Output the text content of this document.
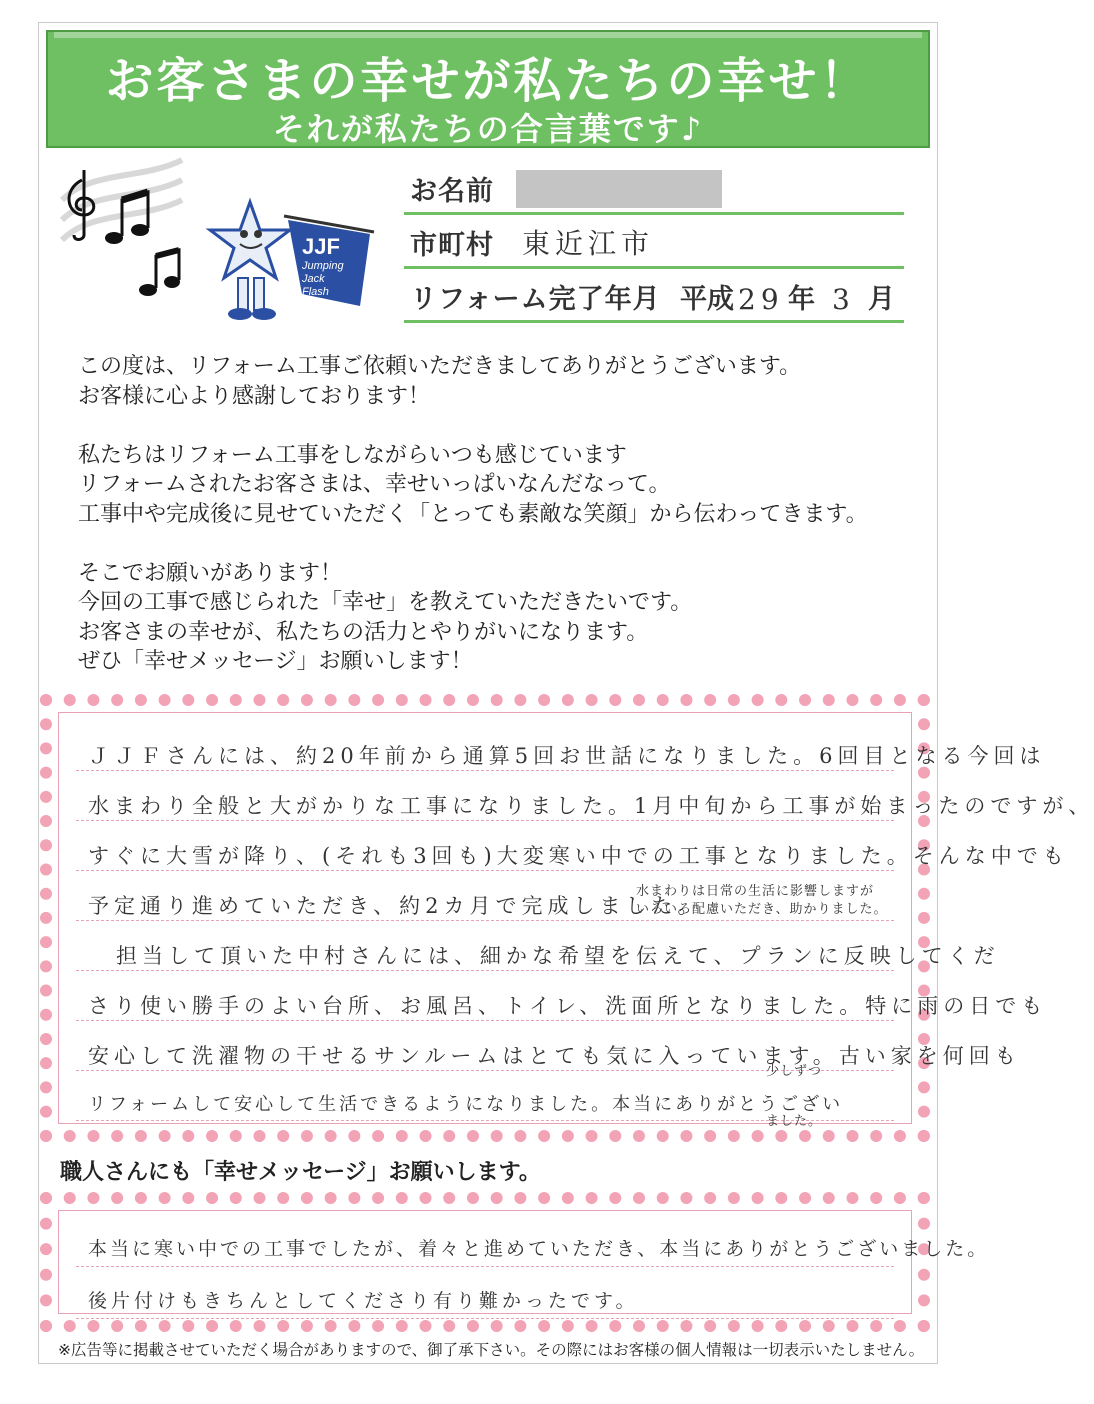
お客さまの幸せが私たちの幸せ！
それが私たちの合言葉です♪
JJF
Jumping
Jack
Flash
お名前
市町村 東近江市
リフォーム完了年月 平成 29 年 3 月

この度は、リフォーム工事ご依頼いただきましてありがとうございます。

お客様に心より感謝しております！

私たちはリフォーム工事をしながらいつも感じています

リフォームされたお客さまは、幸せいっぱいなんだなって。

工事中や完成後に見せていただく「とっても素敵な笑顔」から伝わってきます。

そこでお願いがあります！

今回の工事で感じられた「幸せ」を教えていただきたいです。

お客さまの幸せが、私たちの活力とやりがいになります。

ぜひ「幸せメッセージ」お願いします！

ＪＪＦさんには、約20年前から通算5回お世話になりました。6回目となる今回は
水まわり全般と大がかりな工事になりました。1月中旬から工事が始まったのですが、
すぐに大雪が降り、(それも3回も)大変寒い中での工事となりました。そんな中でも
予定通り進めていただき、約2カ月で完成しました。
水まわりは日常の生活に影響しますが
いろいろ配慮いただき、助かりました。
担当して頂いた中村さんには、細かな希望を伝えて、プランに反映してくだ
さり使い勝手のよい台所、お風呂、トイレ、洗面所となりました。特に雨の日でも
安心して洗濯物の干せるサンルームはとても気に入っています。古い家を何回も
少しずつ
リフォームして安心して生活できるようになりました。本当にありがとうござい
ました。
職人さんにも「幸せメッセージ」お願いします。
本当に寒い中での工事でしたが、着々と進めていただき、本当にありがとうございました。
後片付けもきちんとしてくださり有り難かったです。
※広告等に掲載させていただく場合がありますので、御了承下さい。その際にはお客様の個人情報は一切表示いたしません。
